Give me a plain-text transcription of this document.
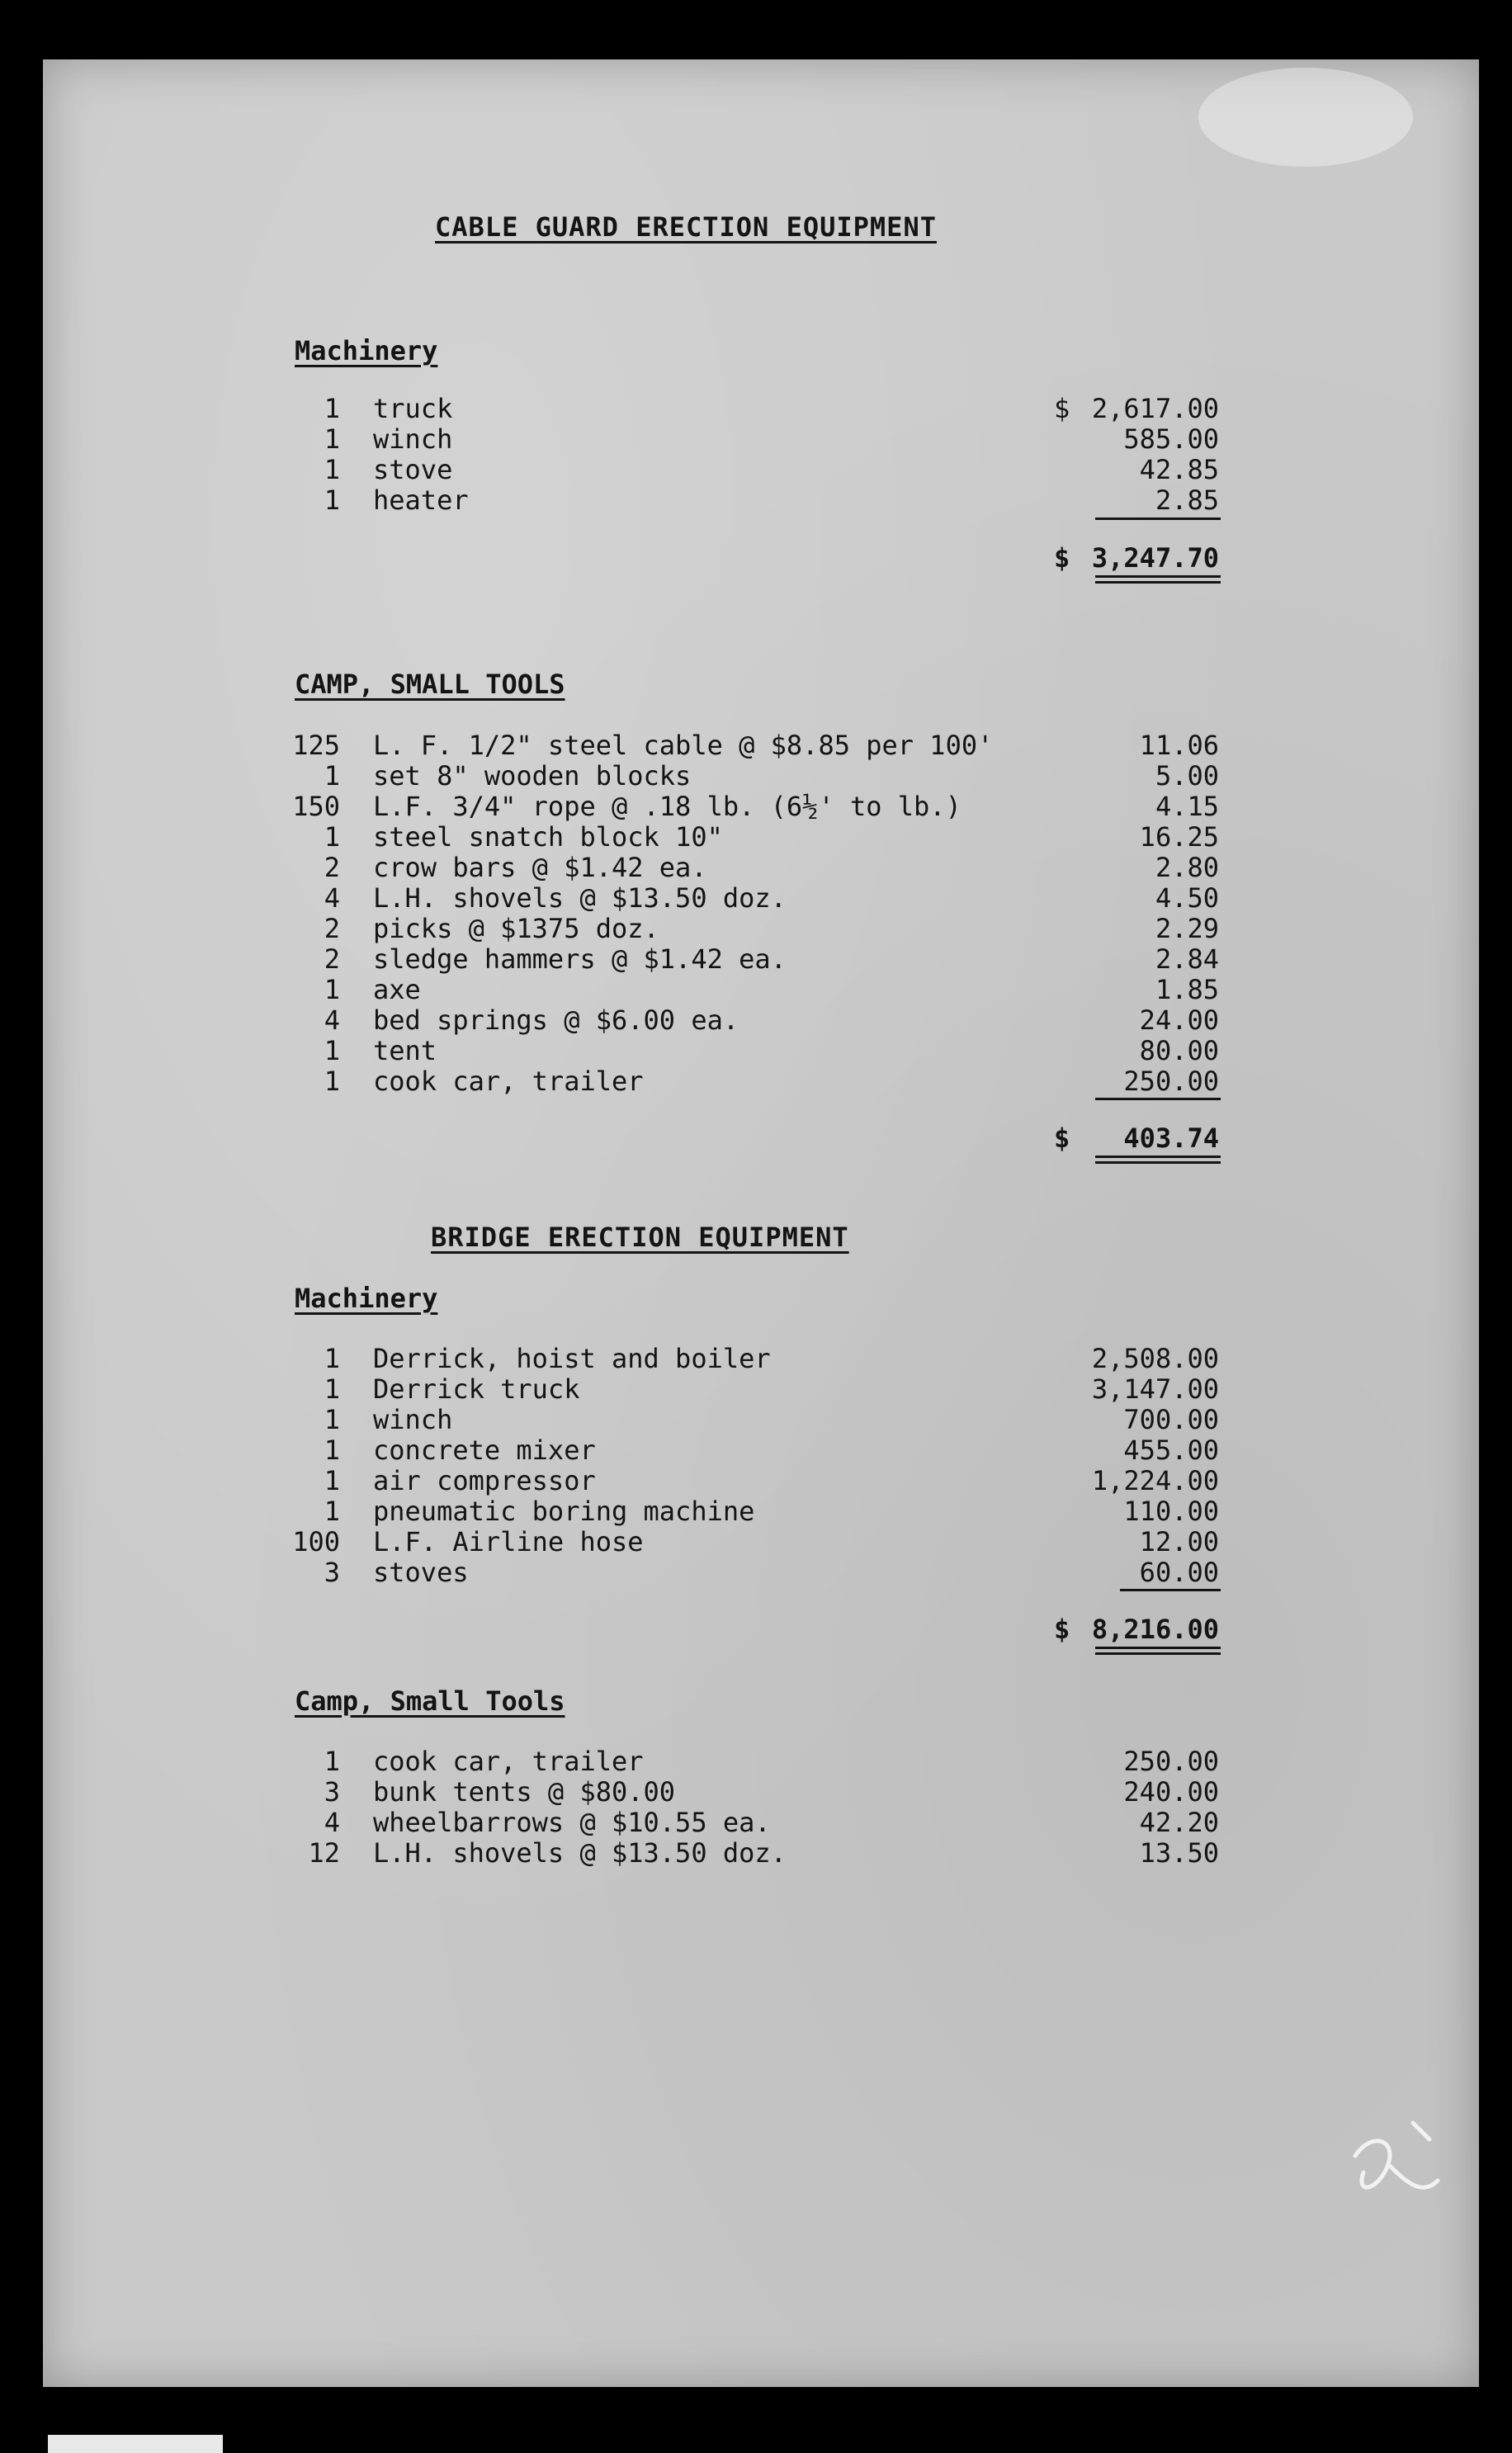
CABLE GUARD ERECTION EQUIPMENT
Machinery
1 truck	$ 2,617.00
1 winch	585.00
1 stove	42.85
1 heater	2.85
$ 3,247.70
CAMP, SMALL TOOLS
125 L. F. 1/2" steel cable @ $8.85 per 100'	11.06
1 set 8" wooden blocks	5.00
150 L.F. 3/4" rope @ .18 lb. (6½' to lb.)	4.15
1 steel snatch block 10"	16.25
2 crow bars @ $1.42 ea.	2.80
4 L.H. shovels @ $13.50 doz.	4.50
2 picks @ $1375 doz.	2.29
2 sledge hammers @ $1.42 ea.	2.84
1 axe	1.85
4 bed springs @ $6.00 ea.	24.00
1 tent	80.00
1 cook car, trailer	250.00
$ 403.74
BRIDGE ERECTION EQUIPMENT
Machinery
1 Derrick, hoist and boiler	2,508.00
1 Derrick truck	3,147.00
1 winch	700.00
1 concrete mixer	455.00
1 air compressor	1,224.00
1 pneumatic boring machine	110.00
100 L.F. Airline hose	12.00
3 stoves	60.00
$ 8,216.00
Camp, Small Tools
1 cook car, trailer	250.00
3 bunk tents @ $80.00	240.00
4 wheelbarrows @ $10.55 ea.	42.20
12 L.H. shovels @ $13.50 doz.	13.50
